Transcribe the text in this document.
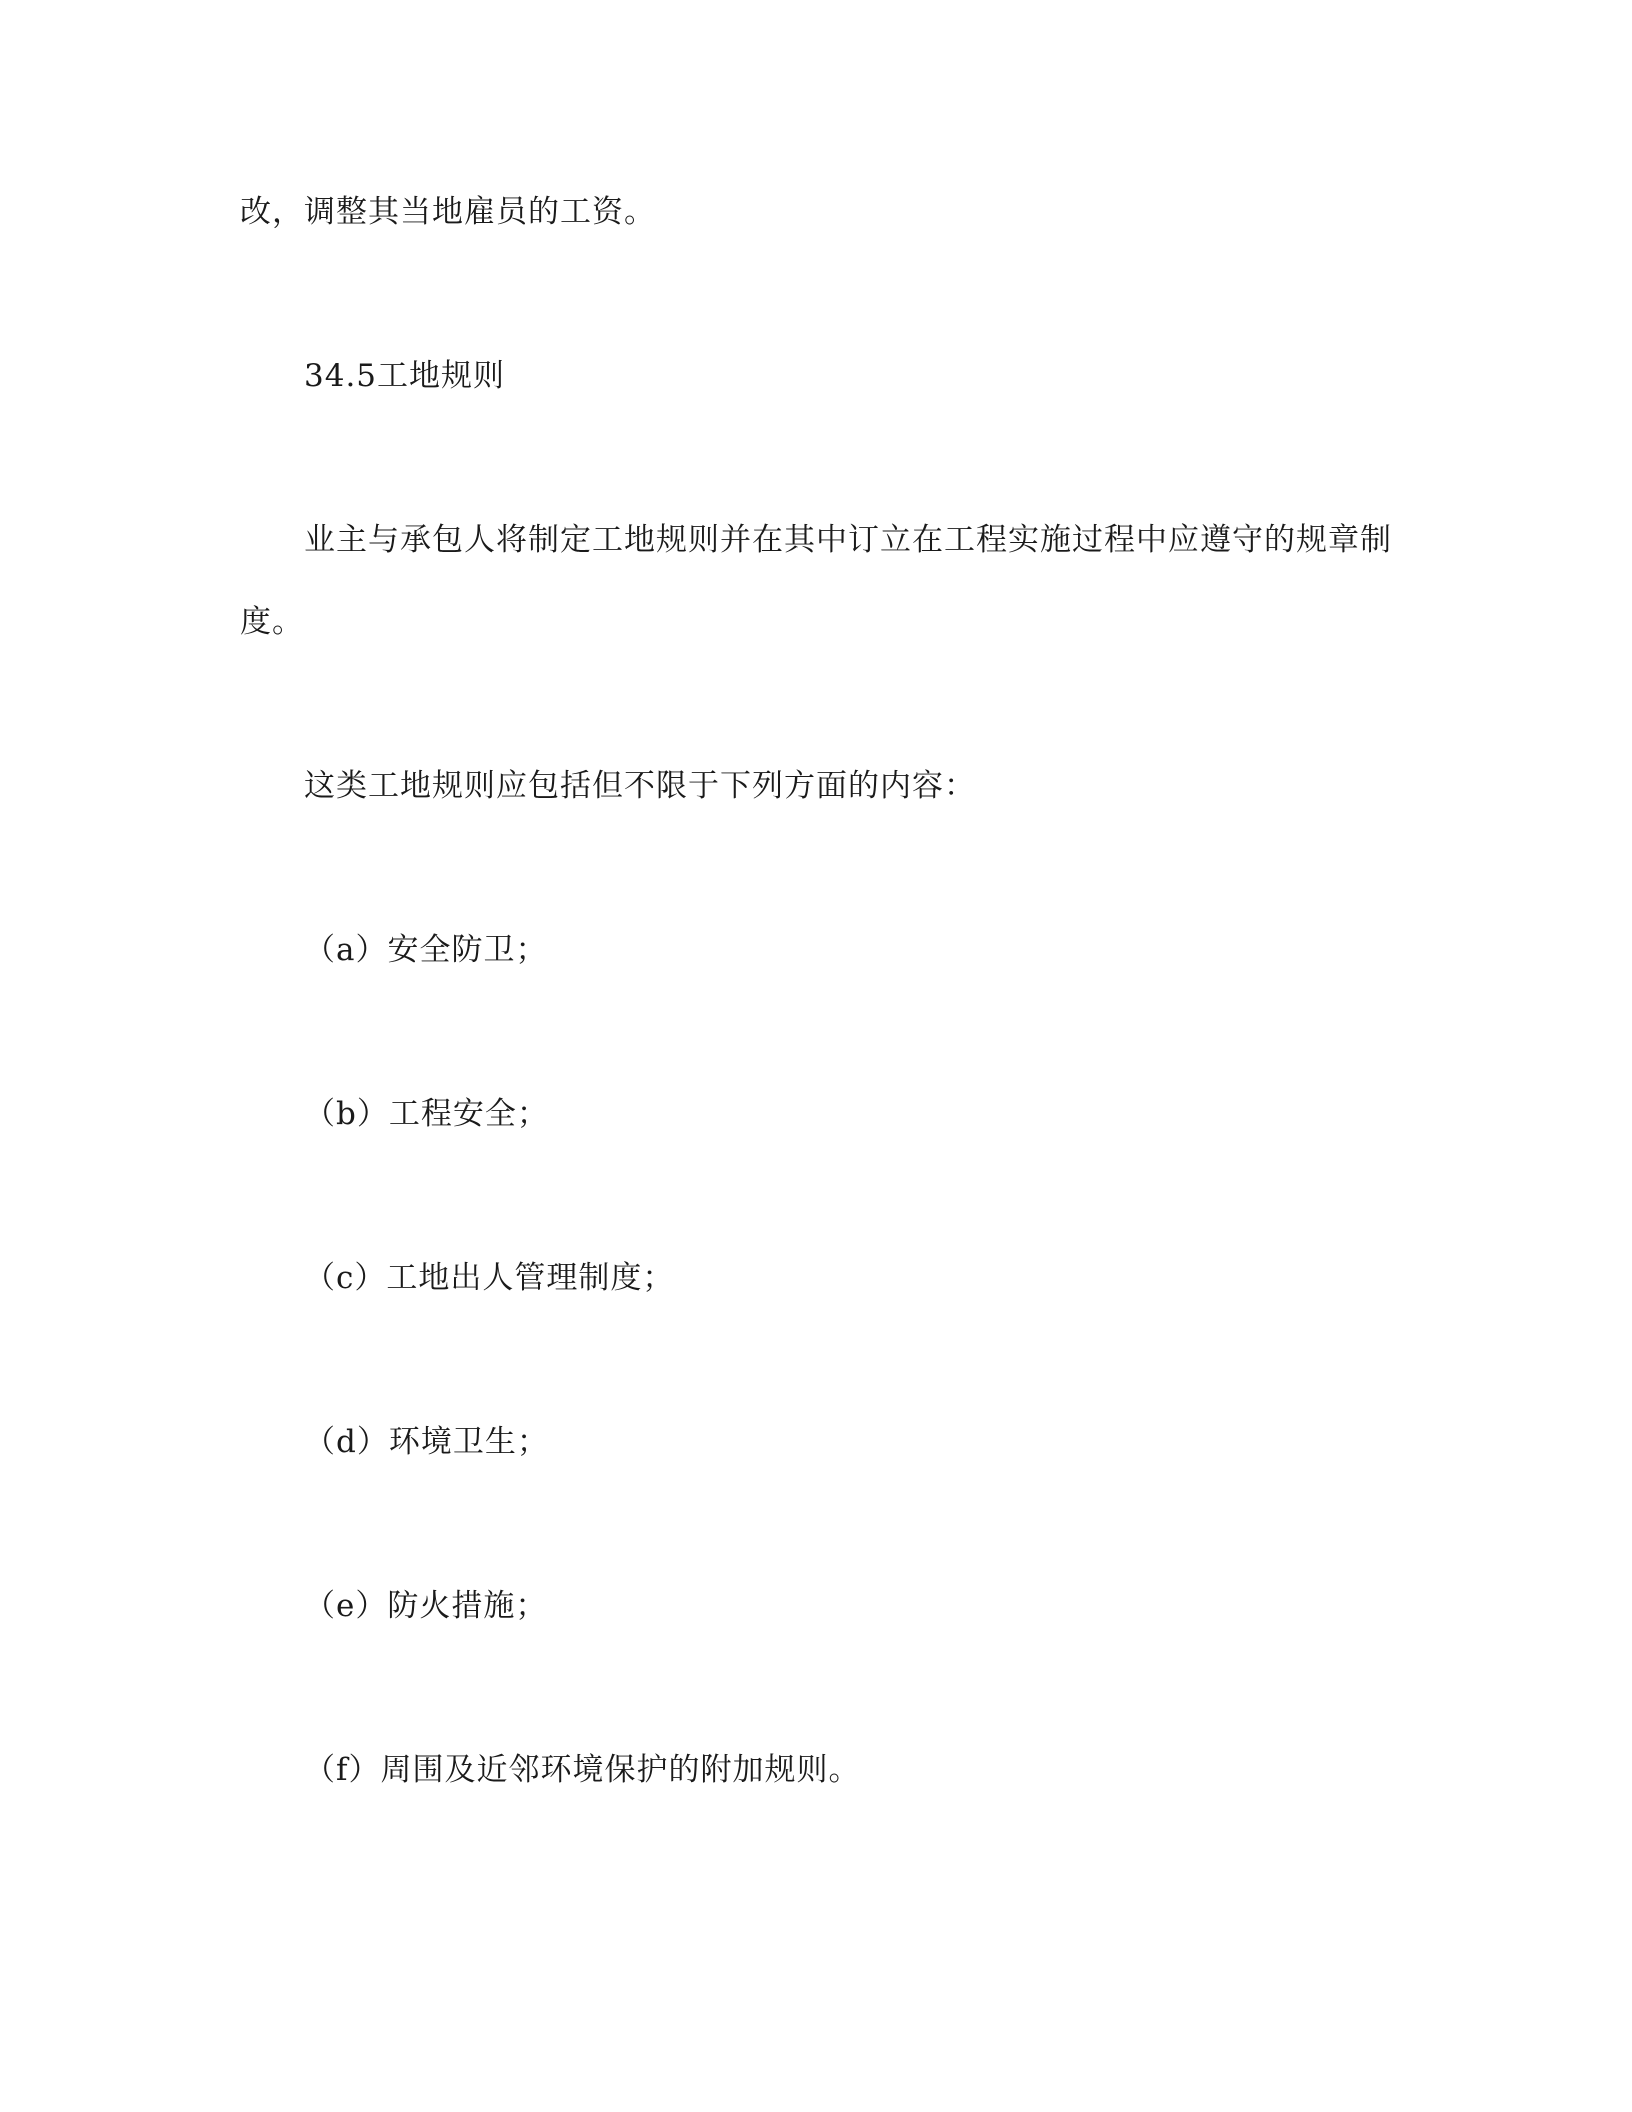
改，调整其当地雇员的工资。
34.5工地规则
业主与承包人将制定工地规则并在其中订立在工程实施过程中应遵守的规章制
度。
这类工地规则应包括但不限于下列方面的内容：
（a）安全防卫；
（b）工程安全；
（c）工地出人管理制度；
（d）环境卫生；
（e）防火措施；
（f）周围及近邻环境保护的附加规则。
